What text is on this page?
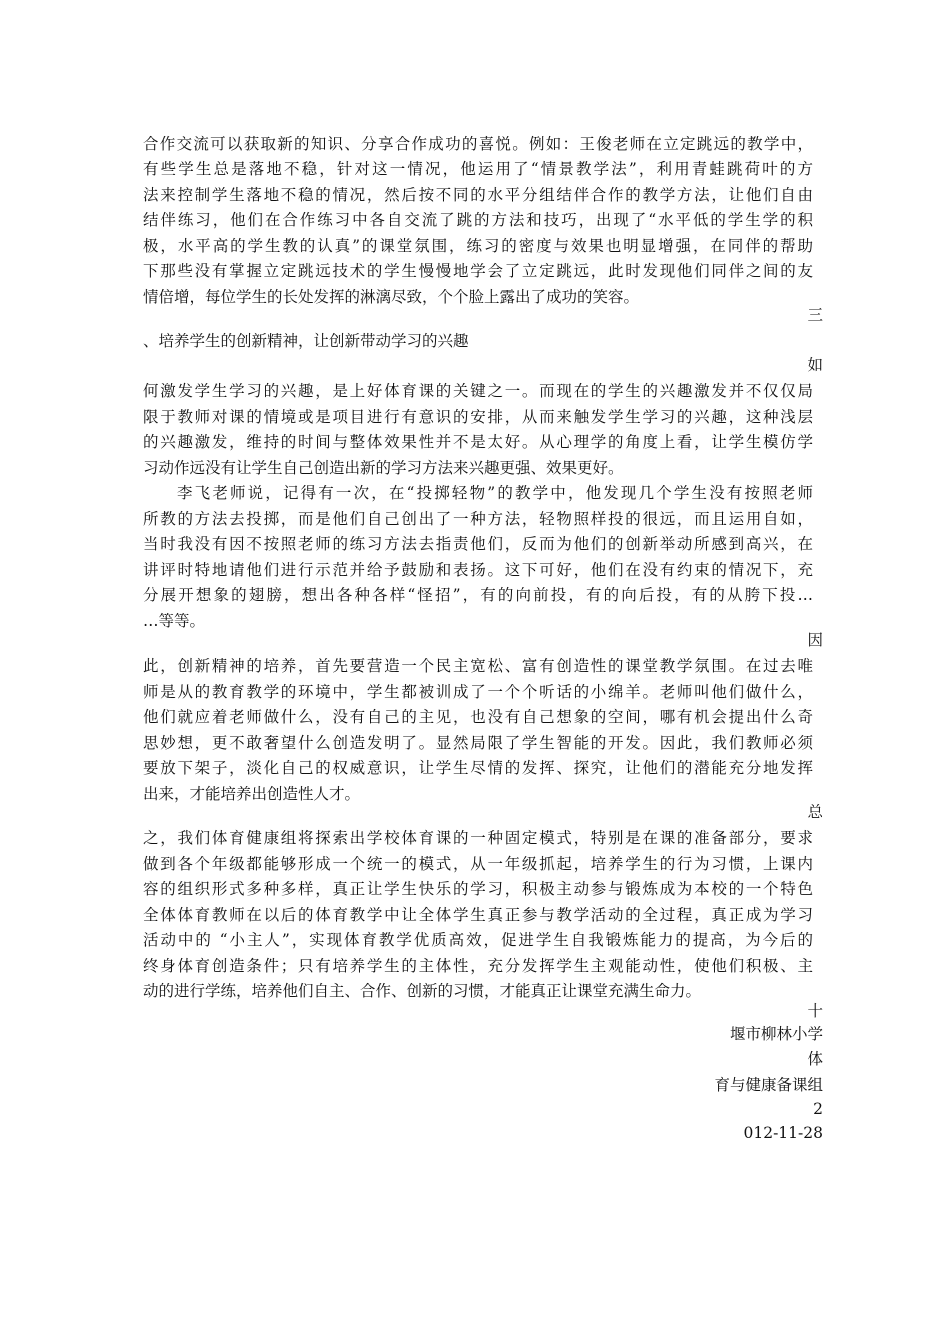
合作交流可以获取新的知识、分享合作成功的喜悦。例如：王俊老师在立定跳远的教学中，
有些学生总是落地不稳，针对这一情况，他运用了“情景教学法”，利用青蛙跳荷叶的方
法来控制学生落地不稳的情况，然后按不同的水平分组结伴合作的教学方法，让他们自由
结伴练习，他们在合作练习中各自交流了跳的方法和技巧，出现了“水平低的学生学的积
极，水平高的学生教的认真”的课堂氛围，练习的密度与效果也明显增强，在同伴的帮助
下那些没有掌握立定跳远技术的学生慢慢地学会了立定跳远，此时发现他们同伴之间的友
情倍增，每位学生的长处发挥的淋漓尽致，个个脸上露出了成功的笑容。
三
、培养学生的创新精神，让创新带动学习的兴趣
如
何激发学生学习的兴趣，是上好体育课的关键之一。而现在的学生的兴趣激发并不仅仅局
限于教师对课的情境或是项目进行有意识的安排，从而来触发学生学习的兴趣，这种浅层
的兴趣激发，维持的时间与整体效果性并不是太好。从心理学的角度上看，让学生模仿学
习动作远没有让学生自己创造出新的学习方法来兴趣更强、效果更好。
李飞老师说，记得有一次，在“投掷轻物”的教学中，他发现几个学生没有按照老师
所教的方法去投掷，而是他们自己创出了一种方法，轻物照样投的很远，而且运用自如，
当时我没有因不按照老师的练习方法去指责他们，反而为他们的创新举动所感到高兴，在
讲评时特地请他们进行示范并给予鼓励和表扬。这下可好，他们在没有约束的情况下，充
分展开想象的翅膀，想出各种各样“怪招”，有的向前投，有的向后投，有的从胯下投…
…等等。
因
此，创新精神的培养，首先要营造一个民主宽松、富有创造性的课堂教学氛围。在过去唯
师是从的教育教学的环境中，学生都被训成了一个个听话的小绵羊。老师叫他们做什么，
他们就应着老师做什么，没有自己的主见，也没有自己想象的空间，哪有机会提出什么奇
思妙想，更不敢奢望什么创造发明了。显然局限了学生智能的开发。因此，我们教师必须
要放下架子，淡化自己的权威意识，让学生尽情的发挥、探究，让他们的潜能充分地发挥
出来，才能培养出创造性人才。
总
之，我们体育健康组将探索出学校体育课的一种固定模式，特别是在课的准备部分，要求
做到各个年级都能够形成一个统一的模式，从一年级抓起，培养学生的行为习惯，上课内
容的组织形式多种多样，真正让学生快乐的学习，积极主动参与锻炼成为本校的一个特色
全体体育教师在以后的体育教学中让全体学生真正参与教学活动的全过程，真正成为学习
活动中的 “小主人”，实现体育教学优质高效，促进学生自我锻炼能力的提高，为今后的
终身体育创造条件；只有培养学生的主体性，充分发挥学生主观能动性，使他们积极、主
动的进行学练，培养他们自主、合作、创新的习惯，才能真正让课堂充满生命力。
十
堰市柳林小学
体
育与健康备课组
2
012-11-28
